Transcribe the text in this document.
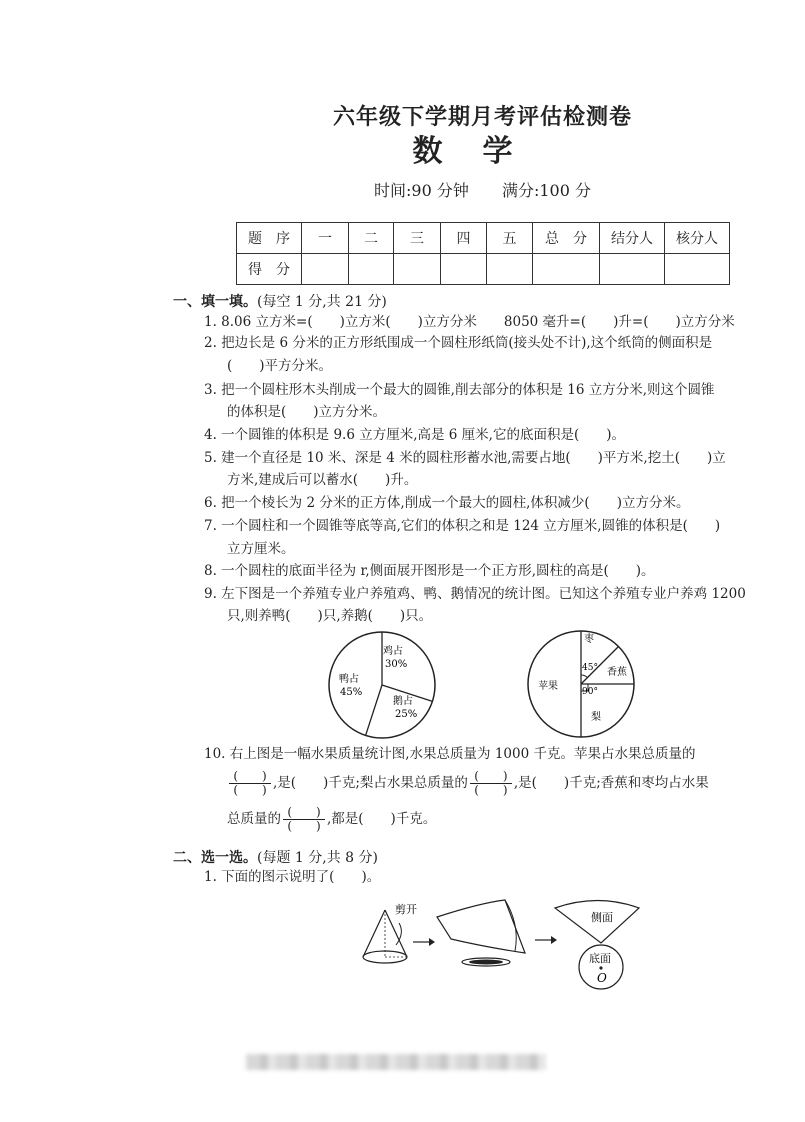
六年级下学期月考评估检测卷
数学
时间:90 分钟 满分:100 分
题　序	一	二	三	四	五	总　分	结分人	核分人
得　分								
一、填一填。(每空 1 分,共 21 分)
1. 8.06 立方米=(　　)立方米(　　)立方分米　　8050 毫升=(　　)升=(　　)立方分米
2. 把边长是 6 分米的正方形纸围成一个圆柱形纸筒(接头处不计),这个纸筒的侧面积是
(　　)平方分米。
3. 把一个圆柱形木头削成一个最大的圆锥,削去部分的体积是 16 立方分米,则这个圆锥
的体积是(　　)立方分米。
4. 一个圆锥的体积是 9.6 立方厘米,高是 6 厘米,它的底面积是(　　)。
5. 建一个直径是 10 米、深是 4 米的圆柱形蓄水池,需要占地(　　)平方米,挖土(　　)立
方米,建成后可以蓄水(　　)升。
6. 把一个棱长为 2 分米的正方体,削成一个最大的圆柱,体积减少(　　)立方分米。
7. 一个圆柱和一个圆锥等底等高,它们的体积之和是 124 立方厘米,圆锥的体积是(　　)
立方厘米。
8. 一个圆柱的底面半径为 r,侧面展开图形是一个正方形,圆柱的高是(　　)。
9. 左下图是一个养殖专业户养殖鸡、鸭、鹅情况的统计图。已知这个养殖专业户养鸡 1200
只,则养鸭(　　)只,养鹅(　　)只。
鸡占
30%
鸭占
45%
鹅占
25%
枣
45° 香蕉
苹果	90°
梨
10. 右上图是一幅水果质量统计图,水果总质量为 1000 千克。苹果占水果总质量的
$\frac{( )}{( )}$ ,是(　　)千克;梨占水果总质量的 $\frac{( )}{( )}$ ,是(　　)千克;香蕉和枣均占水果
总质量的 $\frac{( )}{( )}$ ,都是(　　)千克。
二、选一选。(每题 1 分,共 8 分)
1. 下面的图示说明了(　　)。
剪开
侧面
底面
O
